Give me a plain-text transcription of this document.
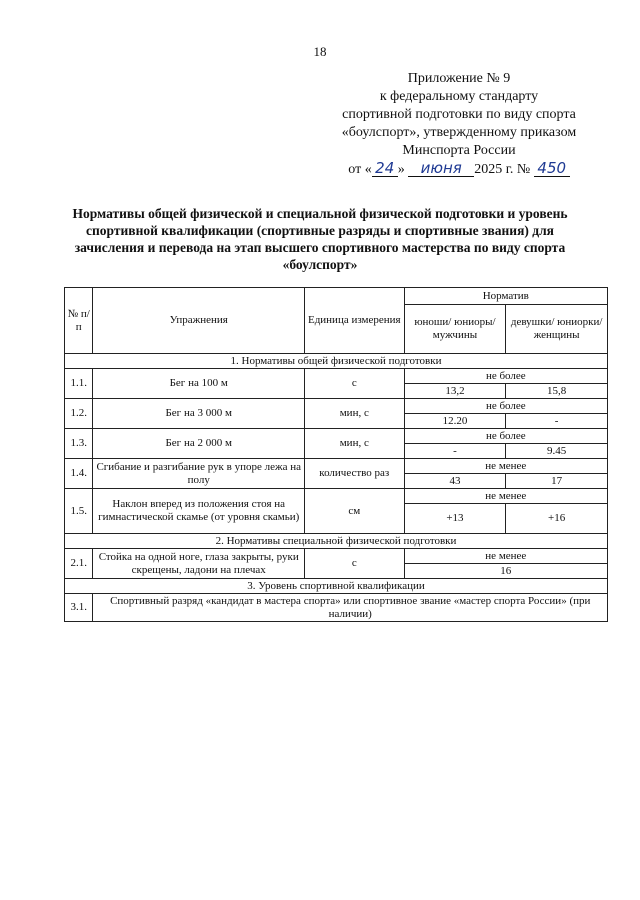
18
Приложение № 9
к федеральному стандарту
спортивной подготовки по виду спорта
«боулспорт», утвержденному приказом
Минспорта России
от « 24 » июня 2025 г. № 450
Нормативы общей физической и специальной физической подготовки и уровень спортивной квалификации (спортивные разряды и спортивные звания) для зачисления и перевода на этап высшего спортивного мастерства по виду спорта «боулспорт»
№ п/п	Упражнения	Единица измерения	Норматив	
			юноши/ юниоры/ мужчины	девушки/ юниорки/ женщины
1. Нормативы общей физической подготовки				
1.1.	Бег на 100 м	с	не более	
			13,2	15,8
1.2.	Бег на 3 000 м	мин, с	не более	
			12.20	-
1.3.	Бег на 2 000 м	мин, с	не более	
			-	9.45
1.4.	Сгибание и разгибание рук в упоре лежа на полу	количество раз	не менее	
			43	17
1.5.	Наклон вперед из положения стоя на гимнастической скамье (от уровня скамьи)	см	не менее	
			+13	+16
2. Нормативы специальной физической подготовки				
2.1.	Стойка на одной ноге, глаза закрыты, руки скрещены, ладони на плечах	с	не менее	
			16	
3. Уровень спортивной квалификации				
3.1.	Спортивный разряд «кандидат в мастера спорта» или спортивное звание «мастер спорта России» (при наличии)			
